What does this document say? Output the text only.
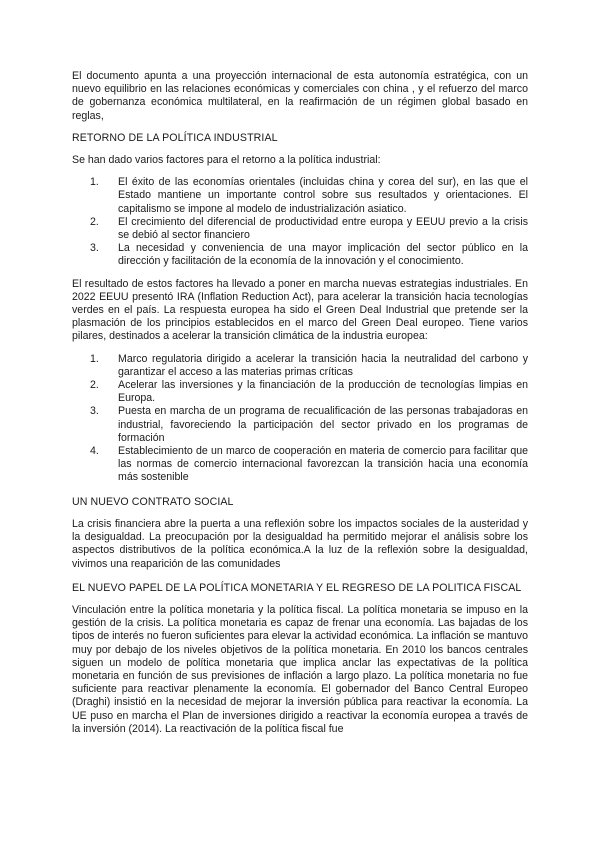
El documento apunta a una proyección internacional de esta autonomía estratégica, con un nuevo equilibrio en las relaciones económicas y comerciales con china , y el refuerzo del marco de gobernanza económica multilateral, en la reafirmación de un régimen global basado en reglas,

RETORNO DE LA POLÍTICA INDUSTRIAL

Se han dado varios factores para el retorno a la política industrial:

1.	El éxito de las economías orientales (incluidas china y corea del sur), en las que el Estado mantiene un importante control sobre sus resultados y orientaciones. El capitalismo se impone al modelo de industrialización asiatico.
2.	El crecimiento del diferencial de productividad entre europa y EEUU previo a la crisis se debió al sector financiero
3.	La necesidad y conveniencia de una mayor implicación del sector público en la dirección y facilitación de la economía de la innovación y el conocimiento.

El resultado de estos factores ha llevado a poner en marcha nuevas estrategias industriales. En 2022 EEUU presentó IRA (Inflation Reduction Act), para acelerar la transición hacia tecnologías verdes en el país. La respuesta europea ha sido el Green Deal Industrial que pretende ser la plasmación de los principios establecidos en el marco del Green Deal europeo. Tiene varios pilares, destinados a acelerar la transición climática de la industria europea:

1.	Marco regulatoria dirigido a acelerar la transición hacia la neutralidad del carbono y garantizar el acceso a las materias primas críticas
2.	Acelerar las inversiones y la financiación de la producción de tecnologías limpias en Europa.
3.	Puesta en marcha de un programa de recualificación de las personas trabajadoras en industrial, favoreciendo la participación del sector privado en los programas de formación
4.	Establecimiento de un marco de cooperación en materia de comercio para facilitar que las normas de comercio internacional favorezcan la transición hacia una economía más sostenible
UN NUEVO CONTRATO SOCIAL

La crisis financiera abre la puerta a una reflexión sobre los impactos sociales de la austeridad y la desigualdad. La preocupación por la desigualdad ha permitido mejorar el análisis sobre los aspectos distributivos de la política económica.A la luz de la reflexión sobre la desigualdad, vivimos una reaparición de las comunidades

EL NUEVO PAPEL DE LA POLÍTICA MONETARIA Y EL REGRESO DE LA POLITICA FISCAL

Vinculación entre la política monetaria y la política fiscal. La política monetaria se impuso en la gestión de la crisis. La política monetaria es capaz de frenar una economía. Las bajadas de los tipos de interés no fueron suficientes para elevar la actividad económica. La inflación se mantuvo muy por debajo de los niveles objetivos de la política monetaria. En 2010 los bancos centrales siguen un modelo de política monetaria que implica anclar las expectativas de la política monetaria en función de sus previsiones de inflación a largo plazo. La política monetaria no fue suficiente para reactivar plenamente la economía. El gobernador del Banco Central Europeo (Draghi) insistió en la necesidad de mejorar la inversión pública para reactivar la economía. La UE puso en marcha el Plan de inversiones dirigido a reactivar la economía europea a través de la inversión (2014). La reactivación de la política fiscal fue
